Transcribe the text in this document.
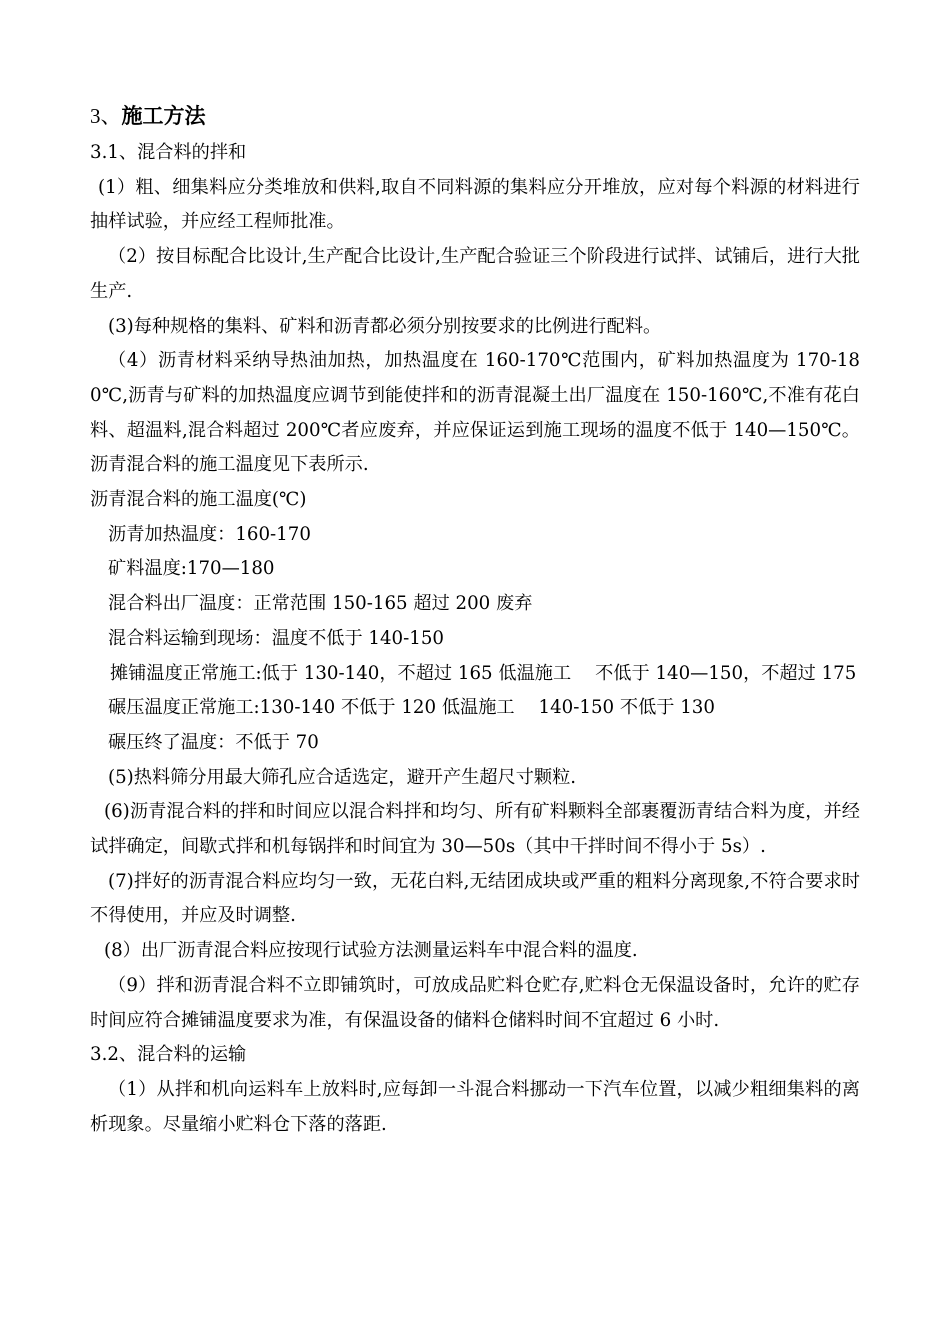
3、施工方法

3.1、混合料的拌和

(1）粗、细集料应分类堆放和供料,取自不同料源的集料应分开堆放，应对每个料源的材料进行抽样试验，并应经工程师批准。

（2）按目标配合比设计,生产配合比设计,生产配合验证三个阶段进行试拌、试铺后，进行大批生产.

(3)每种规格的集料、矿料和沥青都必须分别按要求的比例进行配料。

（4）沥青材料采纳导热油加热，加热温度在 160-170℃范围内，矿料加热温度为 170-180℃,沥青与矿料的加热温度应调节到能使拌和的沥青混凝土出厂温度在 150-160℃,不准有花白料、超温料,混合料超过 200℃者应废弃，并应保证运到施工现场的温度不低于 140—150℃。沥青混合料的施工温度见下表所示.

沥青混合料的施工温度(℃)

沥青加热温度：160-170

矿料温度:170—180

混合料出厂温度：正常范围 150-165 超过 200 废弃

混合料运输到现场：温度不低于 140-150

摊铺温度正常施工:低于 130-140，不超过 165 低温施工　 不低于 140—150，不超过 175

碾压温度正常施工:130-140 不低于 120 低温施工　 140-150 不低于 130

碾压终了温度：不低于 70

(5)热料筛分用最大筛孔应合适选定，避开产生超尺寸颗粒.

(6)沥青混合料的拌和时间应以混合料拌和均匀、所有矿料颗料全部裹覆沥青结合料为度，并经试拌确定，间歇式拌和机每锅拌和时间宜为 30—50s（其中干拌时间不得小于 5s）.

(7)拌好的沥青混合料应均匀一致，无花白料,无结团成块或严重的粗料分离现象,不符合要求时不得使用，并应及时调整.

(8）出厂沥青混合料应按现行试验方法测量运料车中混合料的温度.

（9）拌和沥青混合料不立即铺筑时，可放成品贮料仓贮存,贮料仓无保温设备时，允许的贮存时间应符合摊铺温度要求为准，有保温设备的储料仓储料时间不宜超过 6 小时.

3.2、混合料的运输

（1）从拌和机向运料车上放料时,应每卸一斗混合料挪动一下汽车位置，以减少粗细集料的离析现象。尽量缩小贮料仓下落的落距.
